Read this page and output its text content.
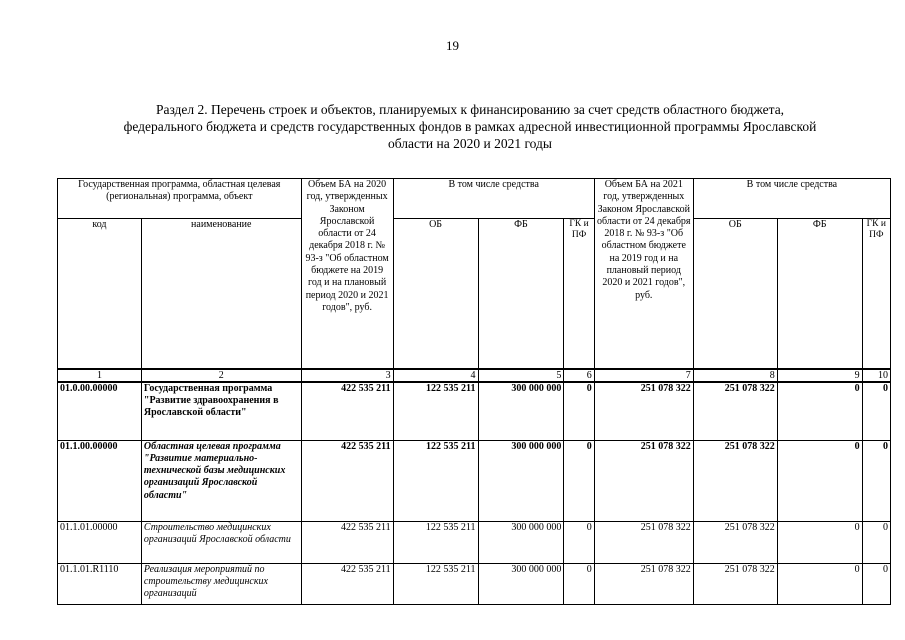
19
Раздел 2. Перечень строек и объектов, планируемых к финансированию за счет средств областного бюджета,
федерального бюджета и средств государственных фондов в рамках адресной инвестиционной программы Ярославской
области на 2020 и 2021 годы
Государственная программа, областная целевая (региональная) программа, объект		Объем БА на 2020 год, утвержденных Законом Ярославской области от 24 декабря 2018 г. № 93-з "Об областном бюджете на 2019 год и на плановый период 2020 и 2021 годов", руб.	В том числе средства			Объем БА на 2021 год, утвержденных Законом Ярославской области от 24 декабря 2018 г. № 93-з "Об областном бюджете на 2019 год и на плановый период 2020 и 2021 годов", руб.	В том числе средства		
код	наименование		ОБ	ФБ	ГК и ПФ		ОБ	ФБ	ГК и ПФ
1	2	3	4	5	6	7	8	9	10
01.0.00.00000	Государственная программа "Развитие здравоохранения в Ярославской области"	422 535 211	122 535 211	300 000 000	0	251 078 322	251 078 322	0	0
01.1.00.00000	Областная целевая программа "Развитие материально-технической базы медицинских организаций Ярославской области"	422 535 211	122 535 211	300 000 000	0	251 078 322	251 078 322	0	0
01.1.01.00000	Строительство медицинских организаций Ярославской области	422 535 211	122 535 211	300 000 000	0	251 078 322	251 078 322	0	0
01.1.01.R1110	Реализация мероприятий по строительству медицинских организаций	422 535 211	122 535 211	300 000 000	0	251 078 322	251 078 322	0	0
